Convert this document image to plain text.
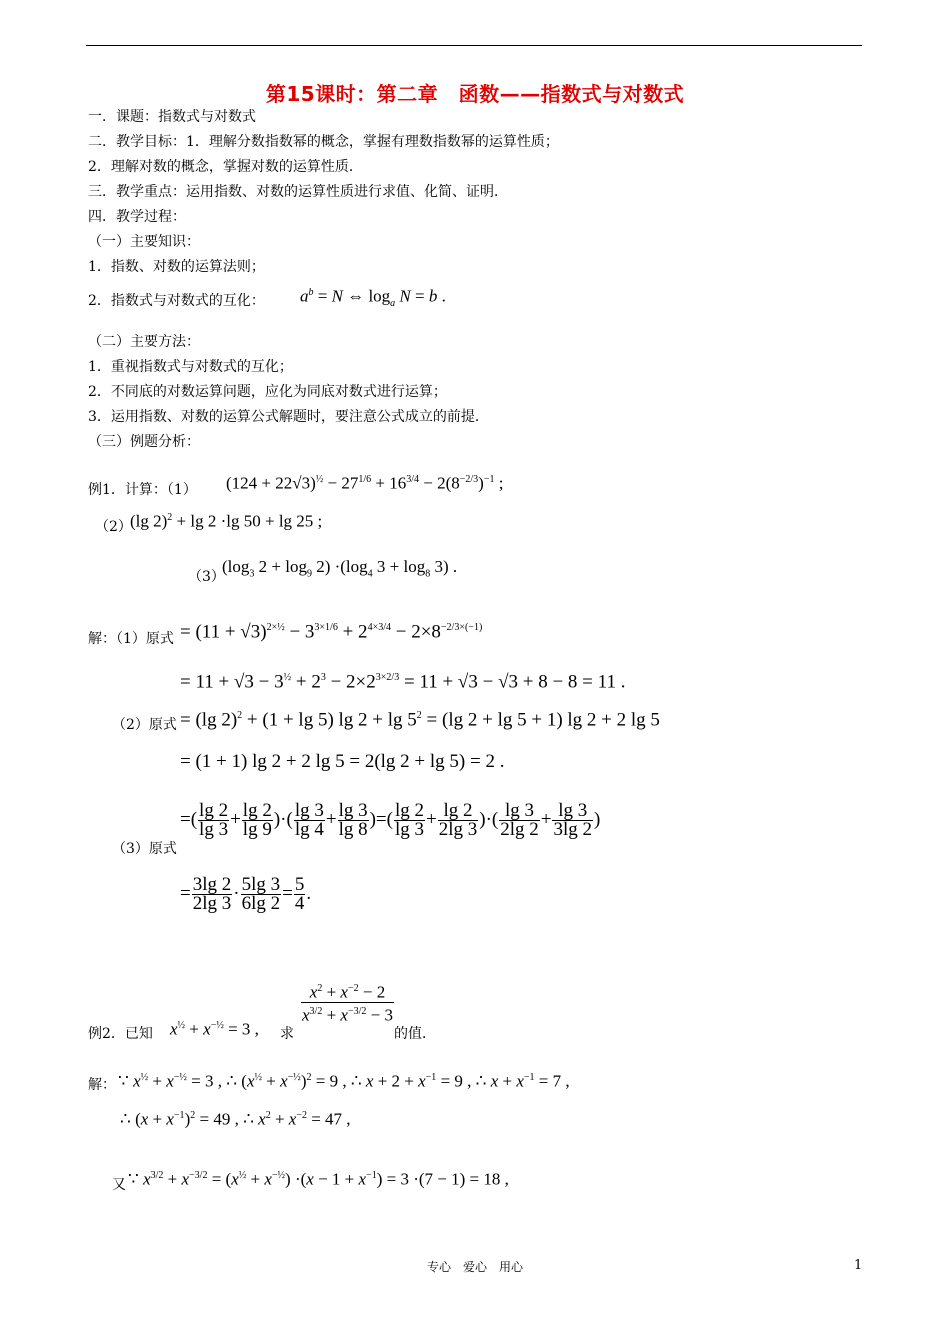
第15课时：第二章　函数——指数式与对数式
一．课题：指数式与对数式
二．教学目标：1．理解分数指数幂的概念，掌握有理数指数幂的运算性质；
2．理解对数的概念，掌握对数的运算性质．
三．教学重点：运用指数、对数的运算性质进行求值、化简、证明．
四．教学过程：
（一）主要知识：
1．指数、对数的运算法则；
2．指数式与对数式的互化： $a^b = N$ ⇔ $\log_a N = b$ .
（二）主要方法：
1．重视指数式与对数式的互化；
2．不同底的对数运算问题，应化为同底对数式进行运算；
3．运用指数、对数的运算公式解题时，要注意公式成立的前提．
（三）例题分析：
例1．计算：（1） $(124 + 22√3)^{\frac{1}{2}} - 27^{1/6} + 16^{3/4} - 2(8^{-2/3})^{-1}$ ;
（2）
(lg 2)$^2$ + lg 2 ·lg 50 + lg 25 ;
（3）
($\log_3$ $2 + \log_9 2) \cdot(\log_4$ $3 + \log_8 3$) .
解：（1）原式 = $(11 + √3)^{2\times\frac{1}{2}} - 3^{3\times 1/6} + 2^{4\times 3/4} - 2\times 8^{-2/3\times(-1)}$
= $11 + √3 - 3^{\frac{1}{2}} + 2^3 - 2\times 2^{3\times 2/3} = 11 + √3 - √3 + 8 - 8 = 11$ .
（2）原式 = (lg 2)$^2$ + (1 + lg 5) $\lg 2 + \lg 5^2 = (\lg$ 2 + lg 5 + 1) lg 2 + 2 lg 5
= (1 + 1) lg 2 + 2 lg 5 = 2(lg 2 + lg 5) = 2 .
（3）原式
=( $\frac{\lg 2}{\lg 3} + \frac{\lg 2}{\lg 9}$ )·( $\frac{\lg 3}{\lg 4} + \frac{\lg 3}{\lg 8}$ )=( $\frac{\lg 2}{\lg 3} + \frac{\lg 2}{2\lg 3}$ )·( $\frac{\lg 3}{2\lg 2} + \frac{\lg 3}{3\lg 2}$ )
= $\frac{3\lg 2}{2\lg 3} \cdot \frac{5\lg 3}{6\lg 2} = \frac{5}{4}$ .
例2．已知 $x^{\frac{1}{2}} + x^{-\frac{1}{2}} = 3$ , 求
$\frac{x^2 + x^{-2} - 2}{x^{3/2} + x^{-3/2} - 3}$
的值．
解： ∵ $x^{\frac{1}{2}} + x^{-\frac{1}{2}} = 3$ , ∴ $(x^{\frac{1}{2}} + x^{-\frac{1}{2}})^2 = 9$ , ∴ $x + 2 + x^{-1} = 9$ , ∴ $x + x^{-1} = 7$ ,
∴ $(x + x^{-1})^2 = 49$ , ∴ $x^2 + x^{-2} = 47$ ,
又 ∵ $x^{3/2} + x^{-3/2} = (x^{\frac{1}{2}} + x^{-\frac{1}{2}}) \cdot(x - 1 + x^{-1}) = 3 \cdot(7 - 1) = 18$ ,
专心　爱心　用心	1
